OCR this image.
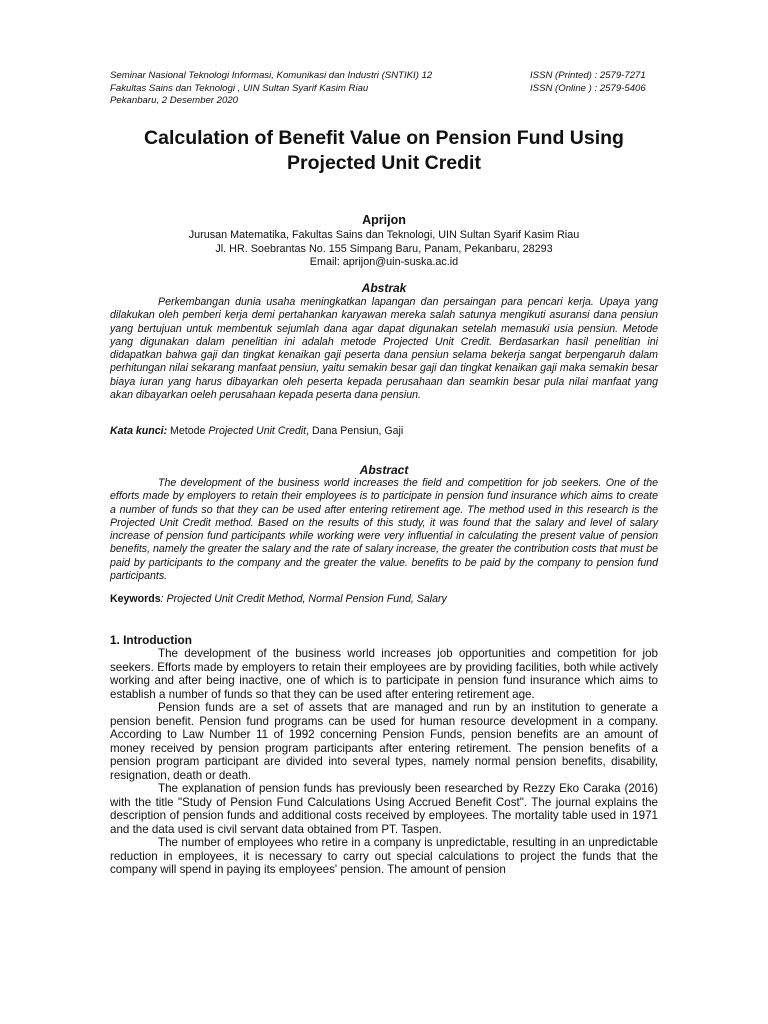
Seminar Nasional Teknologi Informasi, Komunikasi dan Industri (SNTIKI) 12	ISSN (Printed) : 2579-7271
Fakultas Sains dan Teknologi , UIN Sultan Syarif Kasim Riau	ISSN (Online ) : 2579-5406
Pekanbaru, 2 Desember 2020
Calculation of Benefit Value on Pension Fund Using
Projected Unit Credit
Aprijon
Jurusan Matematika, Fakultas Sains dan Teknologi, UIN Sultan Syarif Kasim Riau
Jl. HR. Soebrantas No. 155 Simpang Baru, Panam, Pekanbaru, 28293
Email: aprijon@uin-suska.ac.id
Abstrak
Perkembangan dunia usaha meningkatkan lapangan dan persaingan para pencari kerja. Upaya yang dilakukan oleh pemberi kerja demi pertahankan karyawan mereka salah satunya mengikuti asuransi dana pensiun yang bertujuan untuk membentuk sejumlah dana agar dapat digunakan setelah memasuki usia pensiun. Metode yang digunakan dalam penelitian ini adalah metode Projected Unit Credit. Berdasarkan hasil penelitian ini didapatkan bahwa gaji dan tingkat kenaikan gaji peserta dana pensiun selama bekerja sangat berpengaruh dalam perhitungan nilai sekarang manfaat pensiun, yaitu semakin besar gaji dan tingkat kenaikan gaji maka semakin besar biaya iuran yang harus dibayarkan oleh peserta kepada perusahaan dan seamkin besar pula nilai manfaat yang akan dibayarkan oeleh perusahaan kepada peserta dana pensiun.
Kata kunci: Metode Projected Unit Credit, Dana Pensiun, Gaji
Abstract
The development of the business world increases the field and competition for job seekers. One of the efforts made by employers to retain their employees is to participate in pension fund insurance which aims to create a number of funds so that they can be used after entering retirement age. The method used in this research is the Projected Unit Credit method. Based on the results of this study, it was found that the salary and level of salary increase of pension fund participants while working were very influential in calculating the present value of pension benefits, namely the greater the salary and the rate of salary increase, the greater the contribution costs that must be paid by participants to the company and the greater the value. benefits to be paid by the company to pension fund participants.
Keywords: Projected Unit Credit Method, Normal Pension Fund, Salary
1. Introduction

The development of the business world increases job opportunities and competition for job seekers. Efforts made by employers to retain their employees are by providing facilities, both while actively working and after being inactive, one of which is to participate in pension fund insurance which aims to establish a number of funds so that they can be used after entering retirement age.

Pension funds are a set of assets that are managed and run by an institution to generate a pension benefit. Pension fund programs can be used for human resource development in a company. According to Law Number 11 of 1992 concerning Pension Funds, pension benefits are an amount of money received by pension program participants after entering retirement. The pension benefits of a pension program participant are divided into several types, namely normal pension benefits, disability, resignation, death or death.

The explanation of pension funds has previously been researched by Rezzy Eko Caraka (2016) with the title "Study of Pension Fund Calculations Using Accrued Benefit Cost". The journal explains the description of pension funds and additional costs received by employees. The mortality table used in 1971 and the data used is civil servant data obtained from PT. Taspen.

The number of employees who retire in a company is unpredictable, resulting in an unpredictable reduction in employees, it is necessary to carry out special calculations to project the funds that the company will spend in paying its employees' pension. The amount of pension
